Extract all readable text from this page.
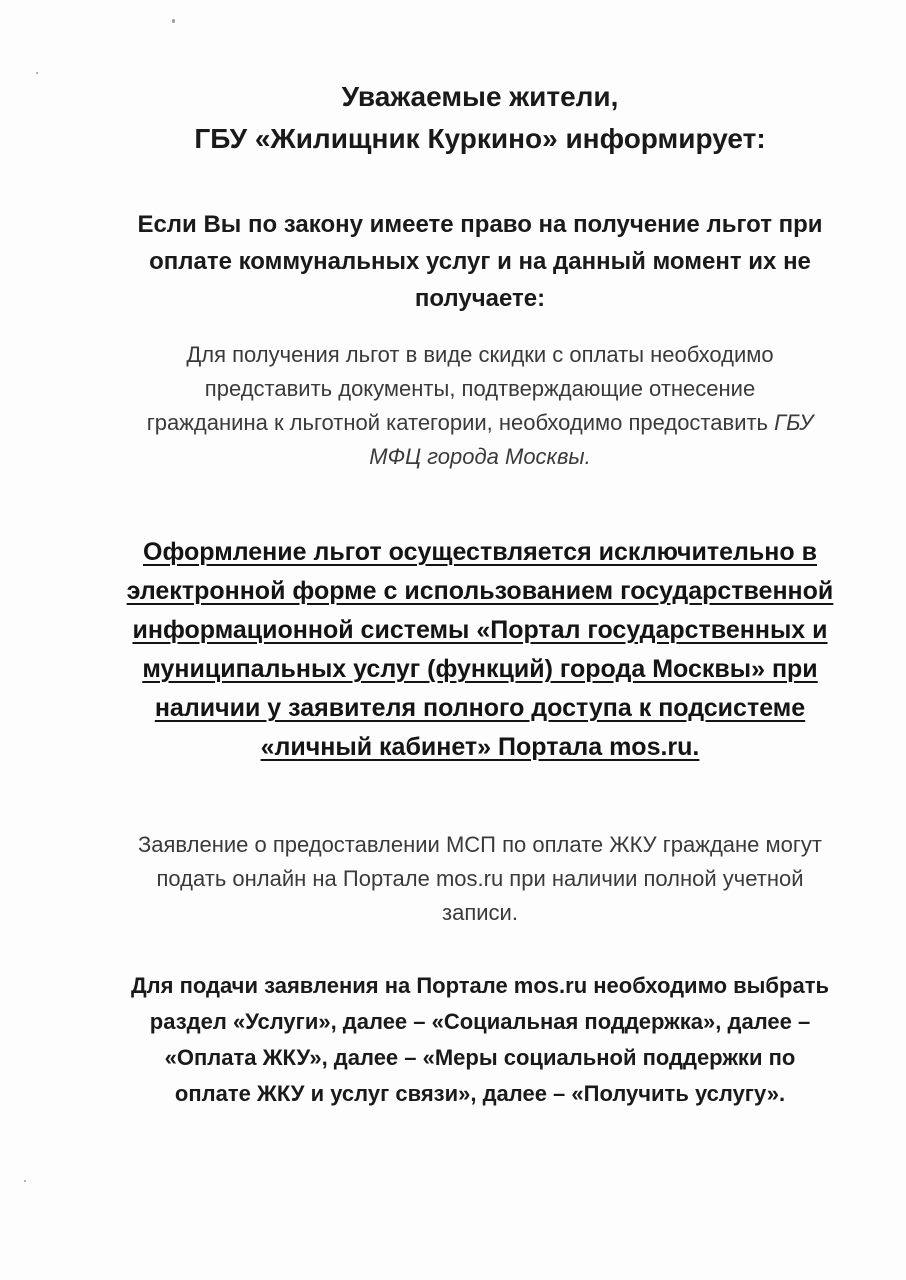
Уважаемые жители,
ГБУ «Жилищник Куркино» информирует:
Если Вы по закону имеете право на получение льгот при
оплате коммунальных услуг и на данный момент их не
получаете:
Для получения льгот в виде скидки с оплаты необходимо
представить документы, подтверждающие отнесение
гражданина к льготной категории, необходимо предоставить ГБУ
МФЦ города Москвы.
Оформление льгот осуществляется исключительно в
электронной форме с использованием государственной
информационной системы «Портал государственных и
муниципальных услуг (функций) города Москвы» при
наличии у заявителя полного доступа к подсистеме
«личный кабинет» Портала mos.ru.
Заявление о предоставлении МСП по оплате ЖКУ граждане могут
подать онлайн на Портале mos.ru при наличии полной учетной
записи.
Для подачи заявления на Портале mos.ru необходимо выбрать
раздел «Услуги», далее – «Социальная поддержка», далее –
«Оплата ЖКУ», далее – «Меры социальной поддержки по
оплате ЖКУ и услуг связи», далее – «Получить услугу».
